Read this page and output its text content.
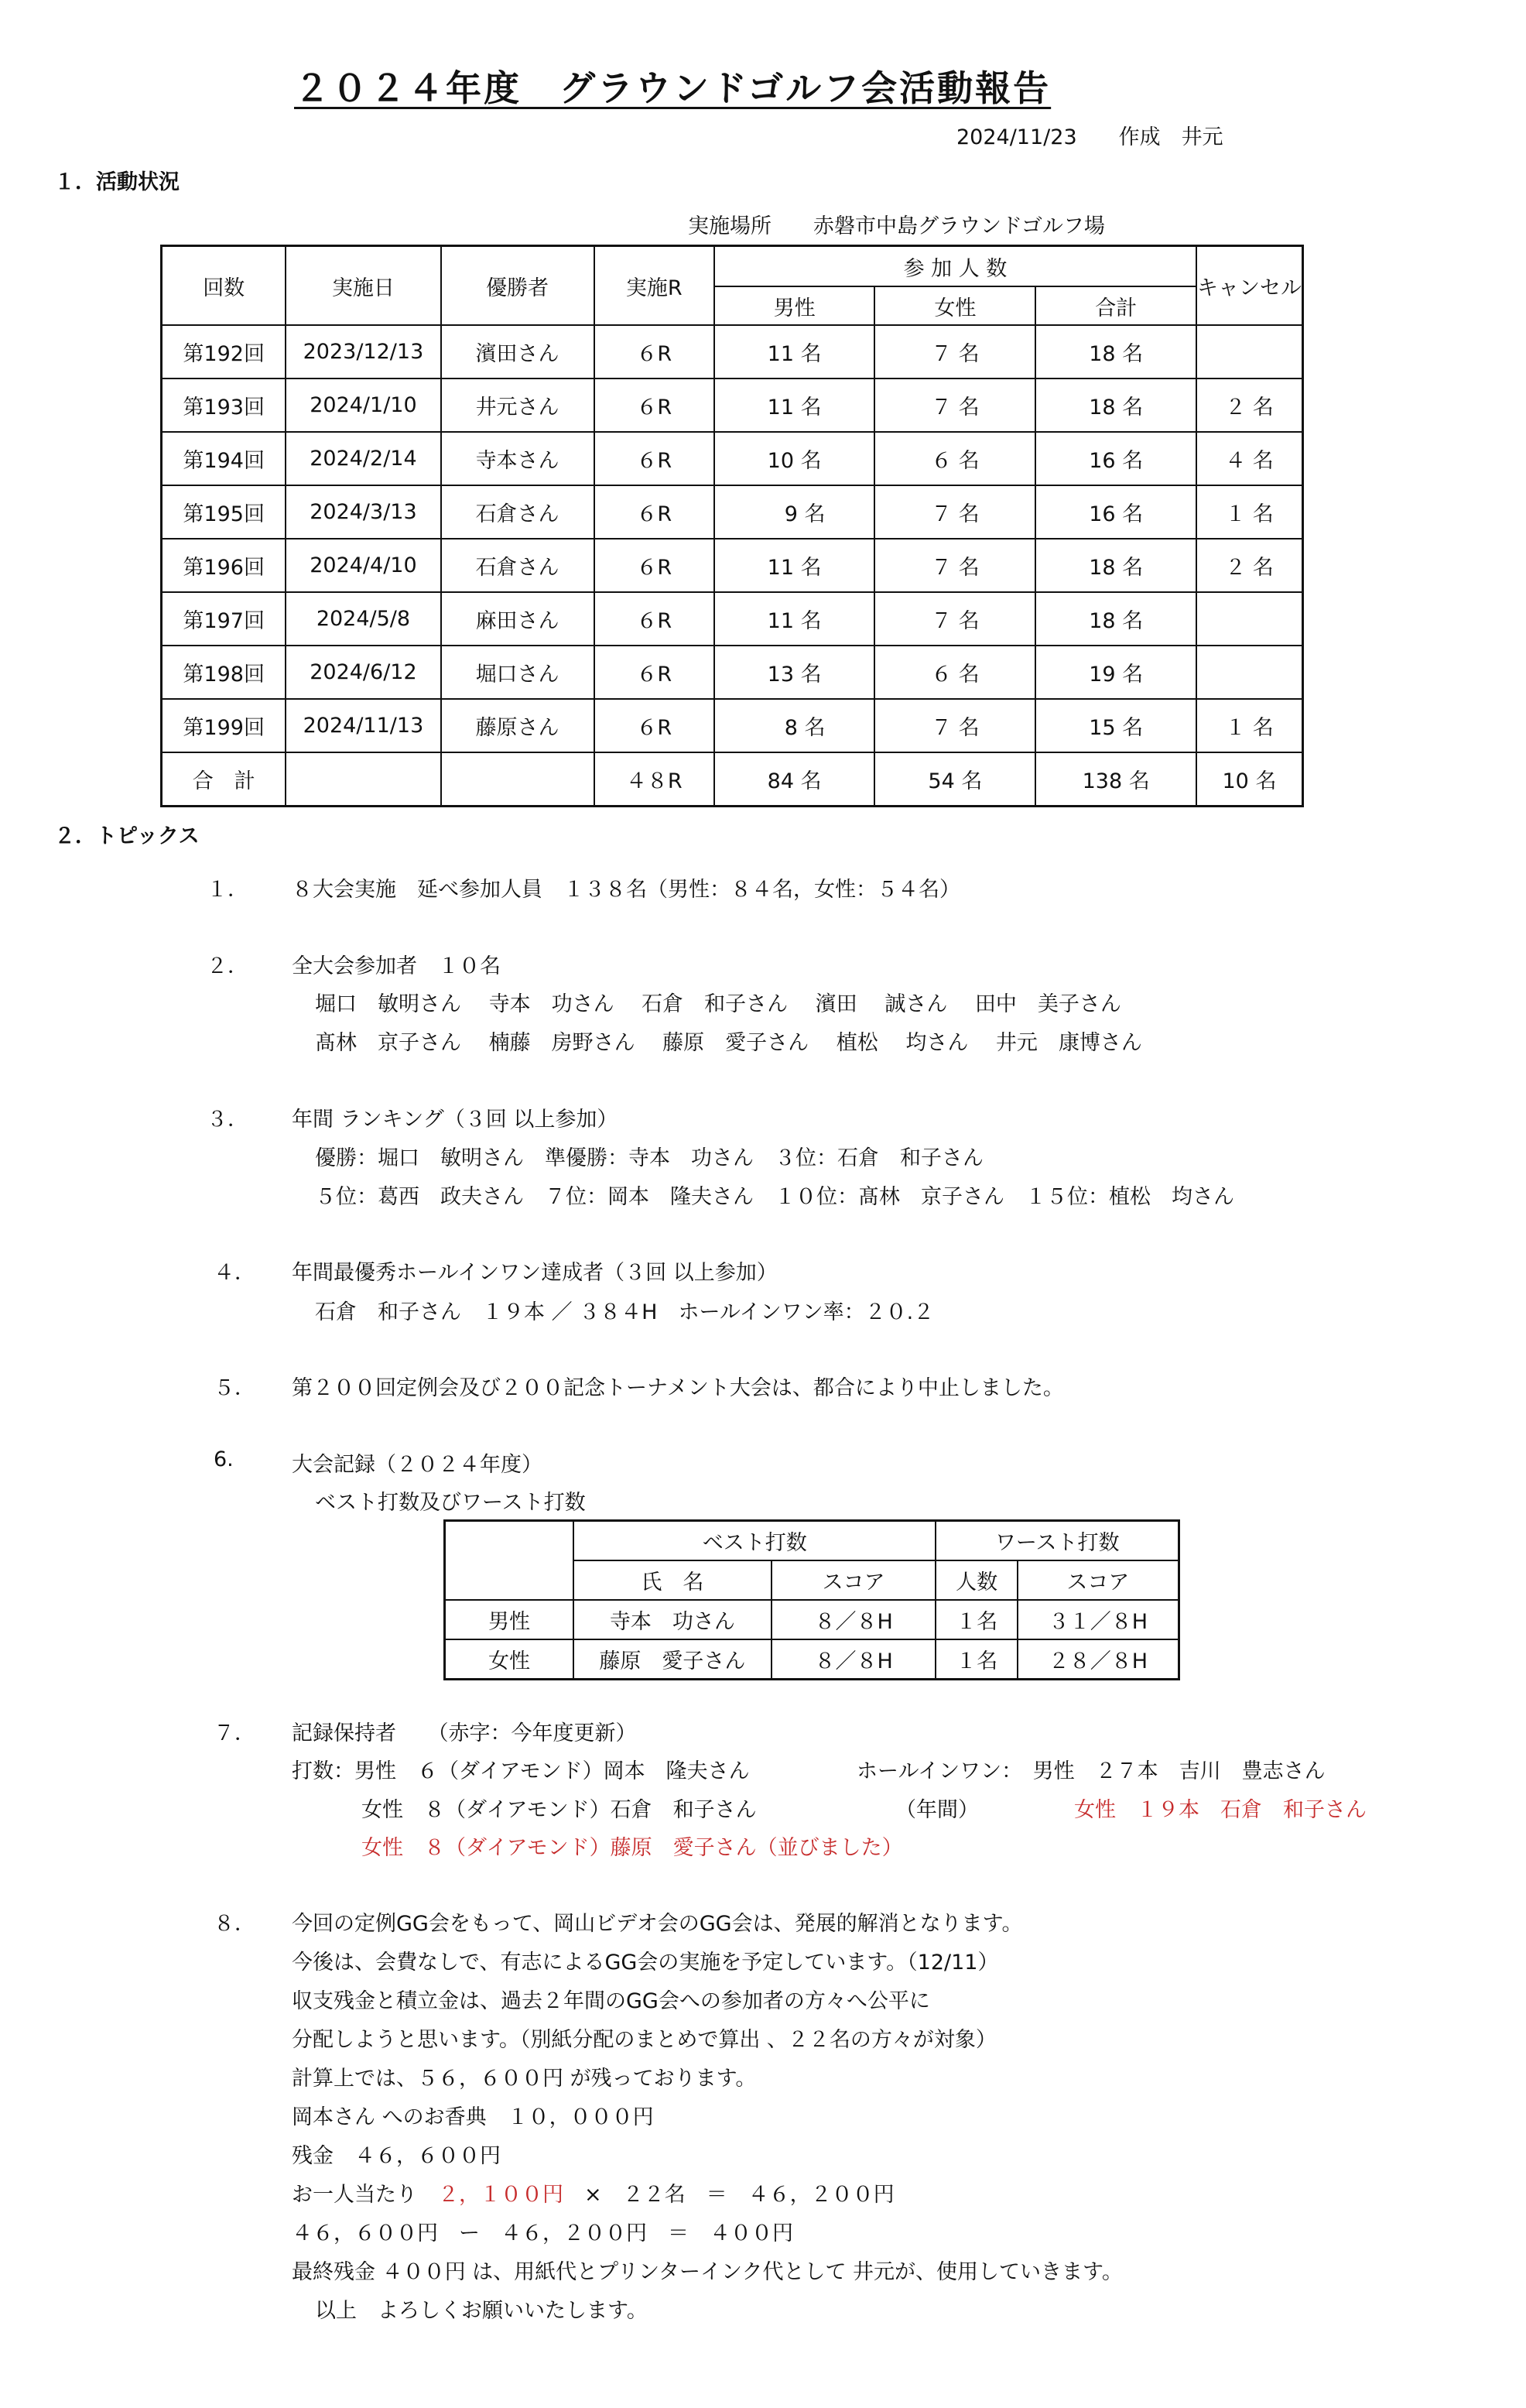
２０２４年度　グラウンドゴルフ会活動報告
2024/11/23　　作成　井元
１．活動状況
実施場所　　赤磐市中島グラウンドゴルフ場
回数	実施日	優勝者	実施R	参 加 人 数			キャンセル
				男性	女性	合計	
第192回	2023/12/13	濱田さん	６R	11 名	７ 名	18 名	
第193回	2024/1/10	井元さん	６R	11 名	７ 名	18 名	２ 名
第194回	2024/2/14	寺本さん	６R	10 名	６ 名	16 名	４ 名
第195回	2024/3/13	石倉さん	６R	　9 名	７ 名	16 名	１ 名
第196回	2024/4/10	石倉さん	６R	11 名	７ 名	18 名	２ 名
第197回	2024/5/8	麻田さん	６R	11 名	７ 名	18 名	
第198回	2024/6/12	堀口さん	６R	13 名	６ 名	19 名	
第199回	2024/11/13	藤原さん	６R	　8 名	７ 名	15 名	１ 名
合　計			４８R	84 名	54 名	138 名	10 名
２．トピックス
１． ８大会実施　延べ参加人員　１３８名（男性：８４名，女性：５４名）
２． 全大会参加者　１０名
堀口　敏明さん　 寺本　功さん　 石倉　和子さん　 濱田　 誠さん　 田中　美子さん
髙林　京子さん　 楠藤　房野さん　 藤原　愛子さん　 植松　 均さん　 井元　康博さん
３． 年間 ランキング（３回 以上参加）
優勝：堀口　敏明さん　準優勝：寺本　功さん　３位：石倉　和子さん
５位：葛西　政夫さん　７位：岡本　隆夫さん　１０位：髙林　京子さん　１５位：植松　均さん
４． 年間最優秀ホールインワン達成者（３回 以上参加）
石倉　和子さん　１９本 ／ ３８４H　ホールインワン率：２０.２
５． 第２００回定例会及び２００記念トーナメント大会は、都合により中止しました。
6.	大会記録（２０２４年度）
ベスト打数及びワースト打数
	ベスト打数		ワースト打数	
	氏　名	スコア	人数	スコア
男性	寺本　功さん	８／８H	１名	３１／８H
女性	藤原　愛子さん	８／８H	１名	２８／８H
７． 記録保持者　　（赤字：今年度更新）
打数：男性　６（ダイアモンド）岡本　隆夫さん	ホールインワン：　男性　２７本　吉川　豊志さん
女性　８（ダイアモンド）石倉　和子さん	（年間）	女性　１９本　石倉　和子さん
女性　８（ダイアモンド）藤原　愛子さん（並びました）
８． 今回の定例GG会をもって、岡山ビデオ会のGG会は、発展的解消となります。
今後は、会費なしで、有志によるGG会の実施を予定しています。（12/11）
収支残金と積立金は、過去２年間のGG会への参加者の方々へ公平に
分配しようと思います。（別紙分配のまとめで算出 、２２名の方々が対象）
計算上では、５６，６００円 が残っております。
岡本さん へのお香典　１０，０００円
残金　４６，６００円
お一人当たり　２，１００円　×　２２名　＝　４６，２００円
４６，６００円　ー　４６，２００円　＝　４００円
最終残金 ４００円 は、用紙代とプリンターインク代として 井元が、使用していきます。
以上　よろしくお願いいたします。
